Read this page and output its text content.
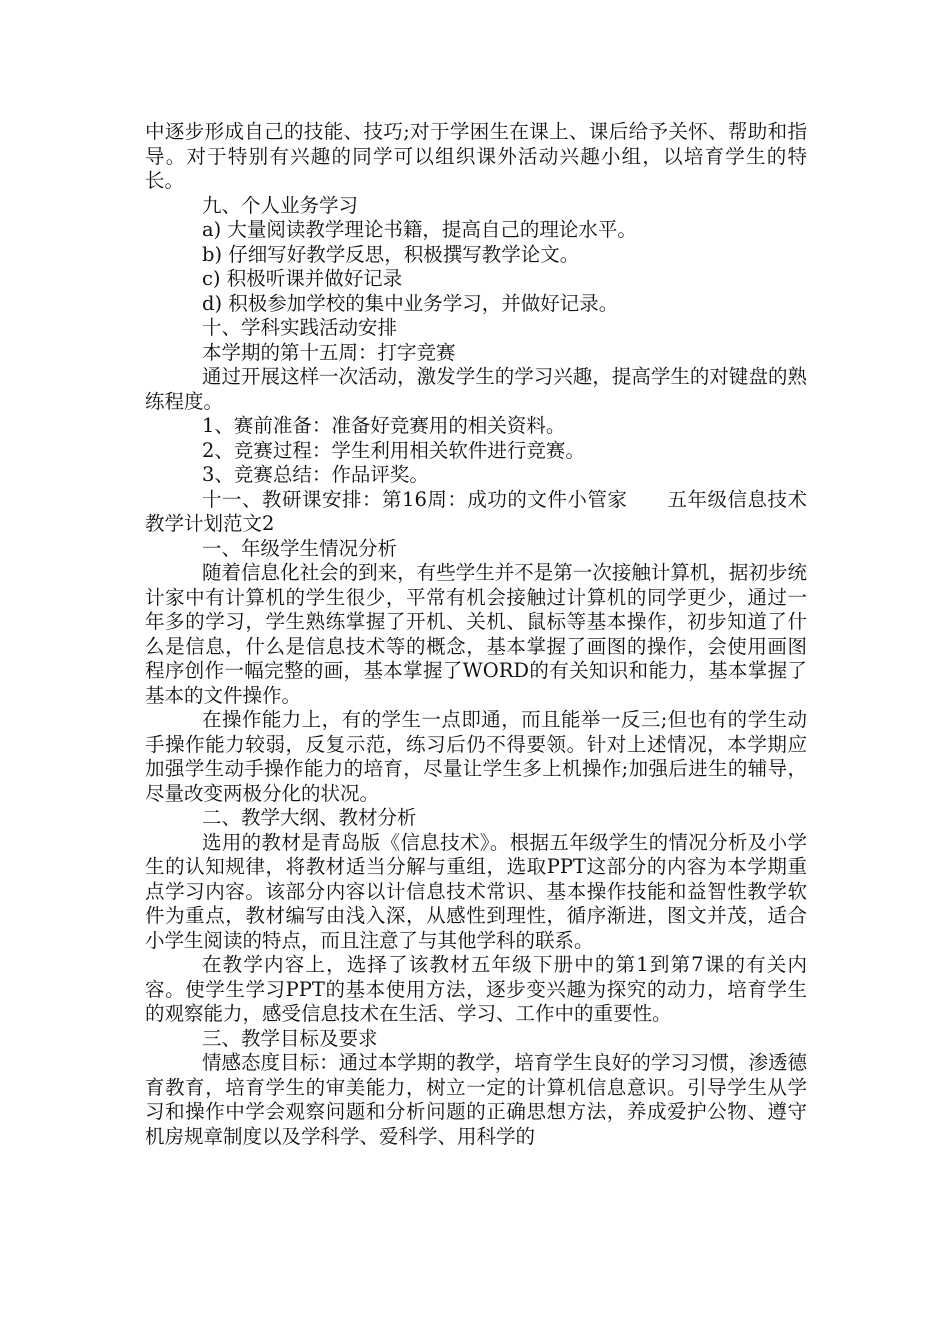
中逐步形成自己的技能、技巧;对于学困生在课上、课后给予关怀、帮助和指导。对于特别有兴趣的同学可以组织课外活动兴趣小组，以培育学生的特长。

九、个人业务学习

a) 大量阅读教学理论书籍，提高自己的理论水平。

b) 仔细写好教学反思，积极撰写教学论文。

c) 积极听课并做好记录

d) 积极参加学校的集中业务学习，并做好记录。

十、学科实践活动安排

本学期的第十五周：打字竞赛

通过开展这样一次活动，激发学生的学习兴趣，提高学生的对键盘的熟练程度。

1、赛前准备：准备好竞赛用的相关资料。

2、竞赛过程：学生利用相关软件进行竞赛。

3、竞赛总结：作品评奖。

十一、教研课安排：第16周：成功的文件小管家　　五年级信息技术教学计划范文2

一、年级学生情况分析

随着信息化社会的到来，有些学生并不是第一次接触计算机，据初步统计家中有计算机的学生很少，平常有机会接触过计算机的同学更少，通过一年多的学习，学生熟练掌握了开机、关机、鼠标等基本操作，初步知道了什么是信息，什么是信息技术等的概念，基本掌握了画图的操作，会使用画图程序创作一幅完整的画，基本掌握了WORD的有关知识和能力，基本掌握了基本的文件操作。

在操作能力上，有的学生一点即通，而且能举一反三;但也有的学生动手操作能力较弱，反复示范，练习后仍不得要领。针对上述情况，本学期应加强学生动手操作能力的培育，尽量让学生多上机操作;加强后进生的辅导，尽量改变两极分化的状况。

二、教学大纲、教材分析

选用的教材是青岛版《信息技术》。根据五年级学生的情况分析及小学生的认知规律，将教材适当分解与重组，选取PPT这部分的内容为本学期重点学习内容。该部分内容以计信息技术常识、基本操作技能和益智性教学软件为重点，教材编写由浅入深，从感性到理性，循序渐进，图文并茂，适合小学生阅读的特点，而且注意了与其他学科的联系。

在教学内容上，选择了该教材五年级下册中的第1到第7课的有关内容。使学生学习PPT的基本使用方法，逐步变兴趣为探究的动力，培育学生的观察能力，感受信息技术在生活、学习、工作中的重要性。

三、教学目标及要求

情感态度目标：通过本学期的教学，培育学生良好的学习习惯，渗透德育教育，培育学生的审美能力，树立一定的计算机信息意识。引导学生从学习和操作中学会观察问题和分析问题的正确思想方法，养成爱护公物、遵守机房规章制度以及学科学、爱科学、用科学的
